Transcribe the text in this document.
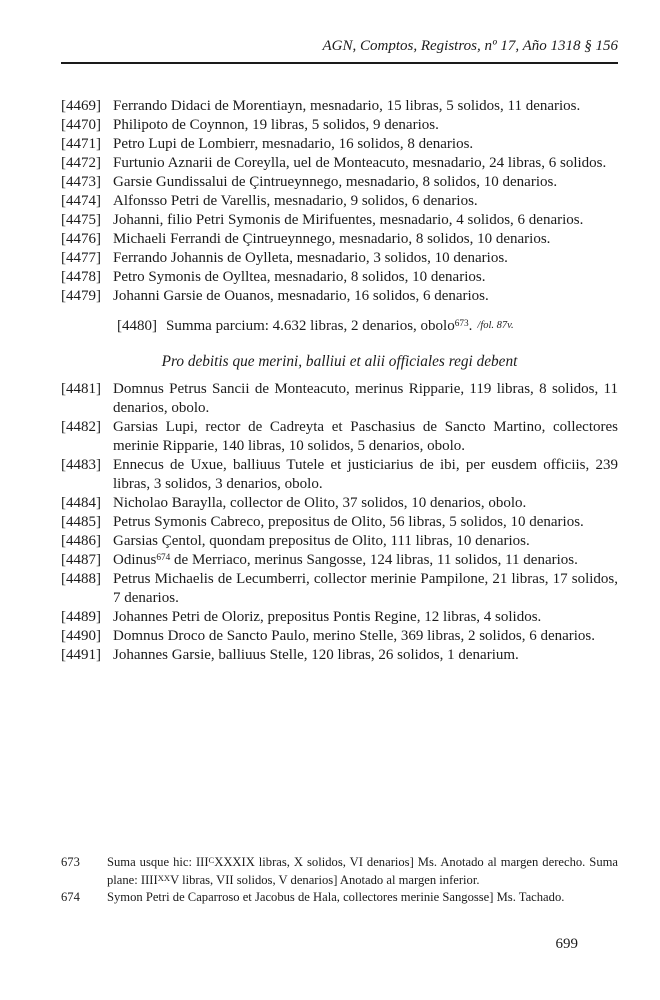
AGN, Comptos, Registros, nº 17, Año 1318 § 156

[4469] Ferrando Didaci de Morentiayn, mesnadario, 15 libras, 5 solidos, 11 denarios.

[4470] Philipoto de Coynnon, 19 libras, 5 solidos, 9 denarios.

[4471] Petro Lupi de Lombierr, mesnadario, 16 solidos, 8 denarios.

[4472] Furtunio Aznarii de Coreylla, uel de Monteacuto, mesnadario, 24 libras, 6 solidos.

[4473] Garsie Gundissalui de Çintrueynnego, mesnadario, 8 solidos, 10 denarios.

[4474] Alfonsso Petri de Varellis, mesnadario, 9 solidos, 6 denarios.

[4475] Johanni, filio Petri Symonis de Mirifuentes, mesnadario, 4 solidos, 6 denarios.

[4476] Michaeli Ferrandi de Çintrueynnego, mesnadario, 8 solidos, 10 denarios.

[4477] Ferrando Johannis de Oylleta, mesnadario, 3 solidos, 10 denarios.

[4478] Petro Symonis de Oylltea, mesnadario, 8 solidos, 10 denarios.

[4479] Johanni Garsie de Ouanos, mesnadario, 16 solidos, 6 denarios.

[4480] Summa parcium: 4.632 libras, 2 denarios, obolo$^{673}$. /fol. 87v.

Pro debitis que merini, balliui et alii officiales regi debent

[4481] Domnus Petrus Sancii de Monteacuto, merinus Ripparie, 119 libras, 8 solidos, 11 denarios, obolo.

[4482] Garsias Lupi, rector de Cadreyta et Paschasius de Sancto Martino, collectores merinie Ripparie, 140 libras, 10 solidos, 5 denarios, obolo.

[4483] Ennecus de Uxue, balliuus Tutele et justiciarius de ibi, per eusdem officiis, 239 libras, 3 solidos, 3 denarios, obolo.

[4484] Nicholao Baraylla, collector de Olito, 37 solidos, 10 denarios, obolo.

[4485] Petrus Symonis Cabreco, prepositus de Olito, 56 libras, 5 solidos, 10 denarios.

[4486] Garsias Çentol, quondam prepositus de Olito, 111 libras, 10 denarios.

[4487] Odinus$^{674}$ de Merriaco, merinus Sangosse, 124 libras, 11 solidos, 11 denarios.

[4488] Petrus Michaelis de Lecumberri, collector merinie Pampilone, 21 libras, 17 solidos, 7 denarios.

[4489] Johannes Petri de Oloriz, prepositus Pontis Regine, 12 libras, 4 solidos.

[4490] Domnus Droco de Sancto Paulo, merino Stelle, 369 libras, 2 solidos, 6 denarios.

[4491] Johannes Garsie, balliuus Stelle, 120 libras, 26 solidos, 1 denarium.

673 Suma usque hic: $III^CXXXIX$ libras, X solidos, VI denarios] Ms. Anotado al margen derecho. Suma plane: $IIII^{XX}V$ libras, VII solidos, V denarios] Anotado al margen inferior.

674 Symon Petri de Caparroso et Jacobus de Hala, collectores merinie Sangosse] Ms. Tachado.

699
